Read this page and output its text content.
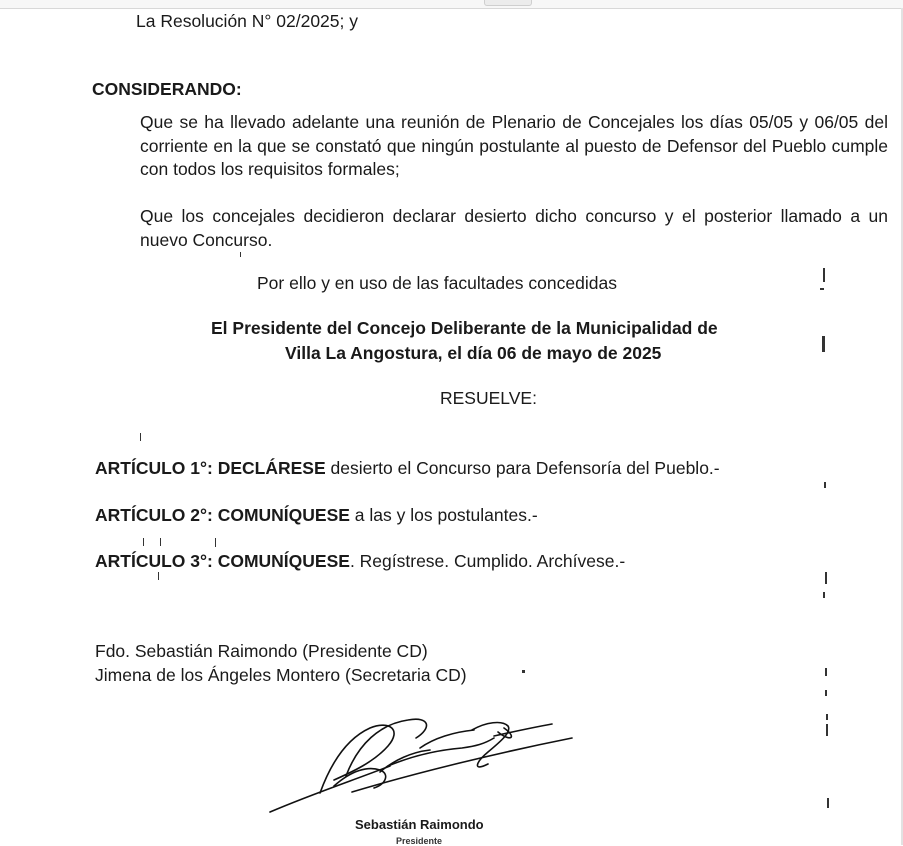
La Resolución N° 02/2025; y

CONSIDERANDO:

Que se ha llevado adelante una reunión de Plenario de Concejales los días 05/05 y 06/05 del corriente en la que se constató que ningún postulante al puesto de Defensor del Pueblo cumple con todos los requisitos formales;

Que los concejales decidieron declarar desierto dicho concurso y el posterior llamado a un nuevo Concurso.

Por ello y en uso de las facultades concedidas

El Presidente del Concejo Deliberante de la Municipalidad de

Villa La Angostura, el día 06 de mayo de 2025

RESUELVE:

ARTÍCULO 1°: DECLÁRESE desierto el Concurso para Defensoría del Pueblo.-

ARTÍCULO 2°: COMUNÍQUESE a las y los postulantes.-

ARTÍCULO 3°: COMUNÍQUESE. Regístrese. Cumplido. Archívese.-

Fdo. Sebastián Raimondo (Presidente CD)

Jimena de los Ángeles Montero (Secretaria CD)

Sebastián Raimondo
Presidente
